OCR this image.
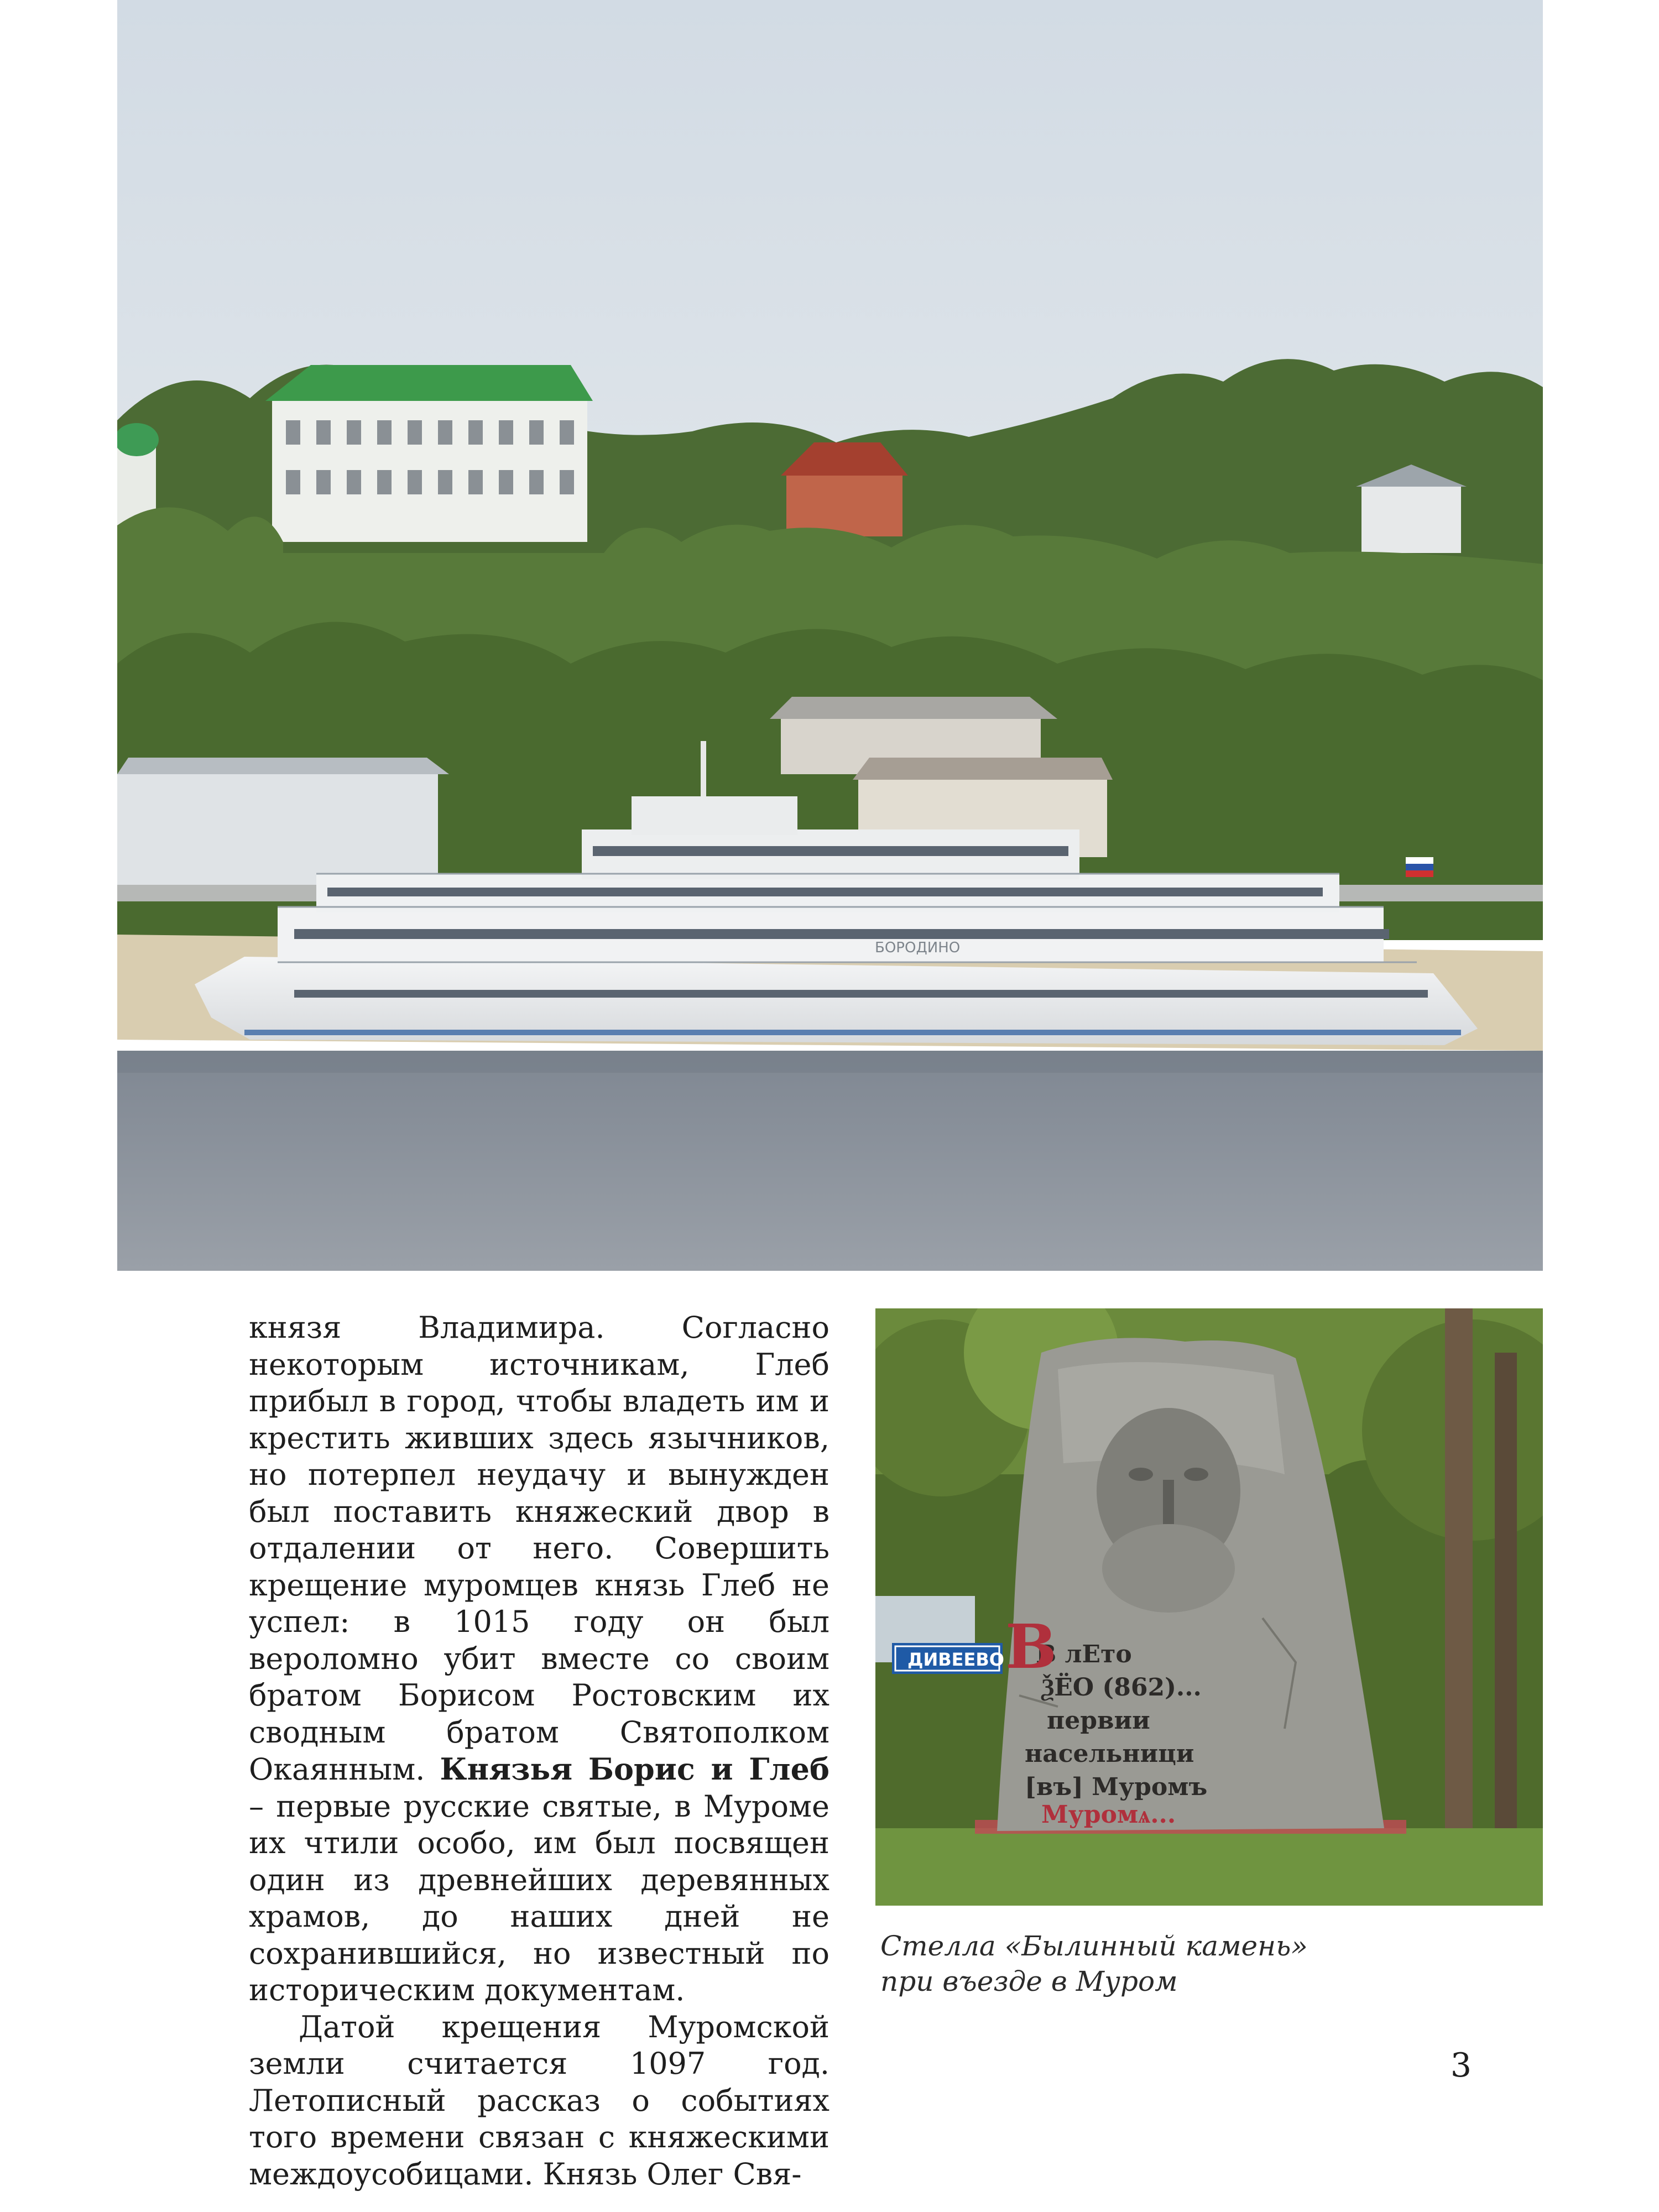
БОРОДИНО

князя Владимира. Согласно некоторым источникам, Глеб прибыл в город, чтобы владеть им и крестить живших здесь язычников, но потерпел неудачу и вынужден был поставить княжеский двор в отдалении от него. Совершить крещение муромцев князь Глеб не успел: в 1015 году он был вероломно убит вместе со своим братом Борисом Ростовским их сводным братом Святополком Окаянным. Князья Борис и Глеб – первые русские святые, в Муроме их чтили особо, им был посвящен один из древнейших деревянных храмов, до наших дней не сохранившийся, но известный по историческим документам.

Датой крещения Муромской земли считается 1097 год. Летописный рассказ о событиях того времени связан с княжескими междоусобицами. Князь Олег Свя-

ДИВЕЕВО В лЕто
ѮЁО (862)...
первии
насельници
[въ] Муромъ
Муромѧ...
В
Стелла «Былинный камень»
при въезде в Муром
3
